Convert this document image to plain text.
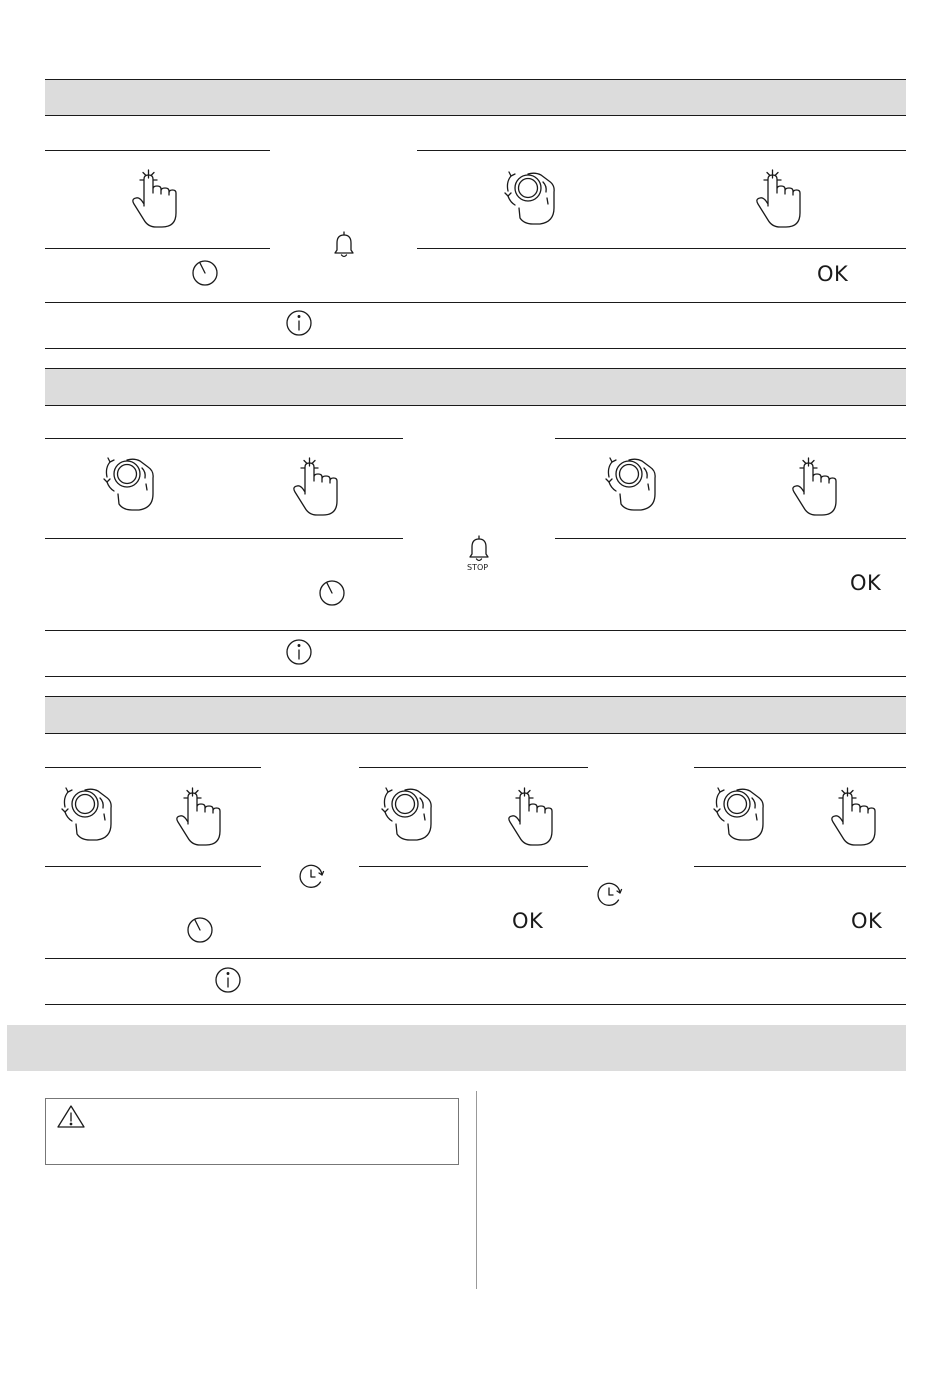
OK
STOP
OK
OK	OK
